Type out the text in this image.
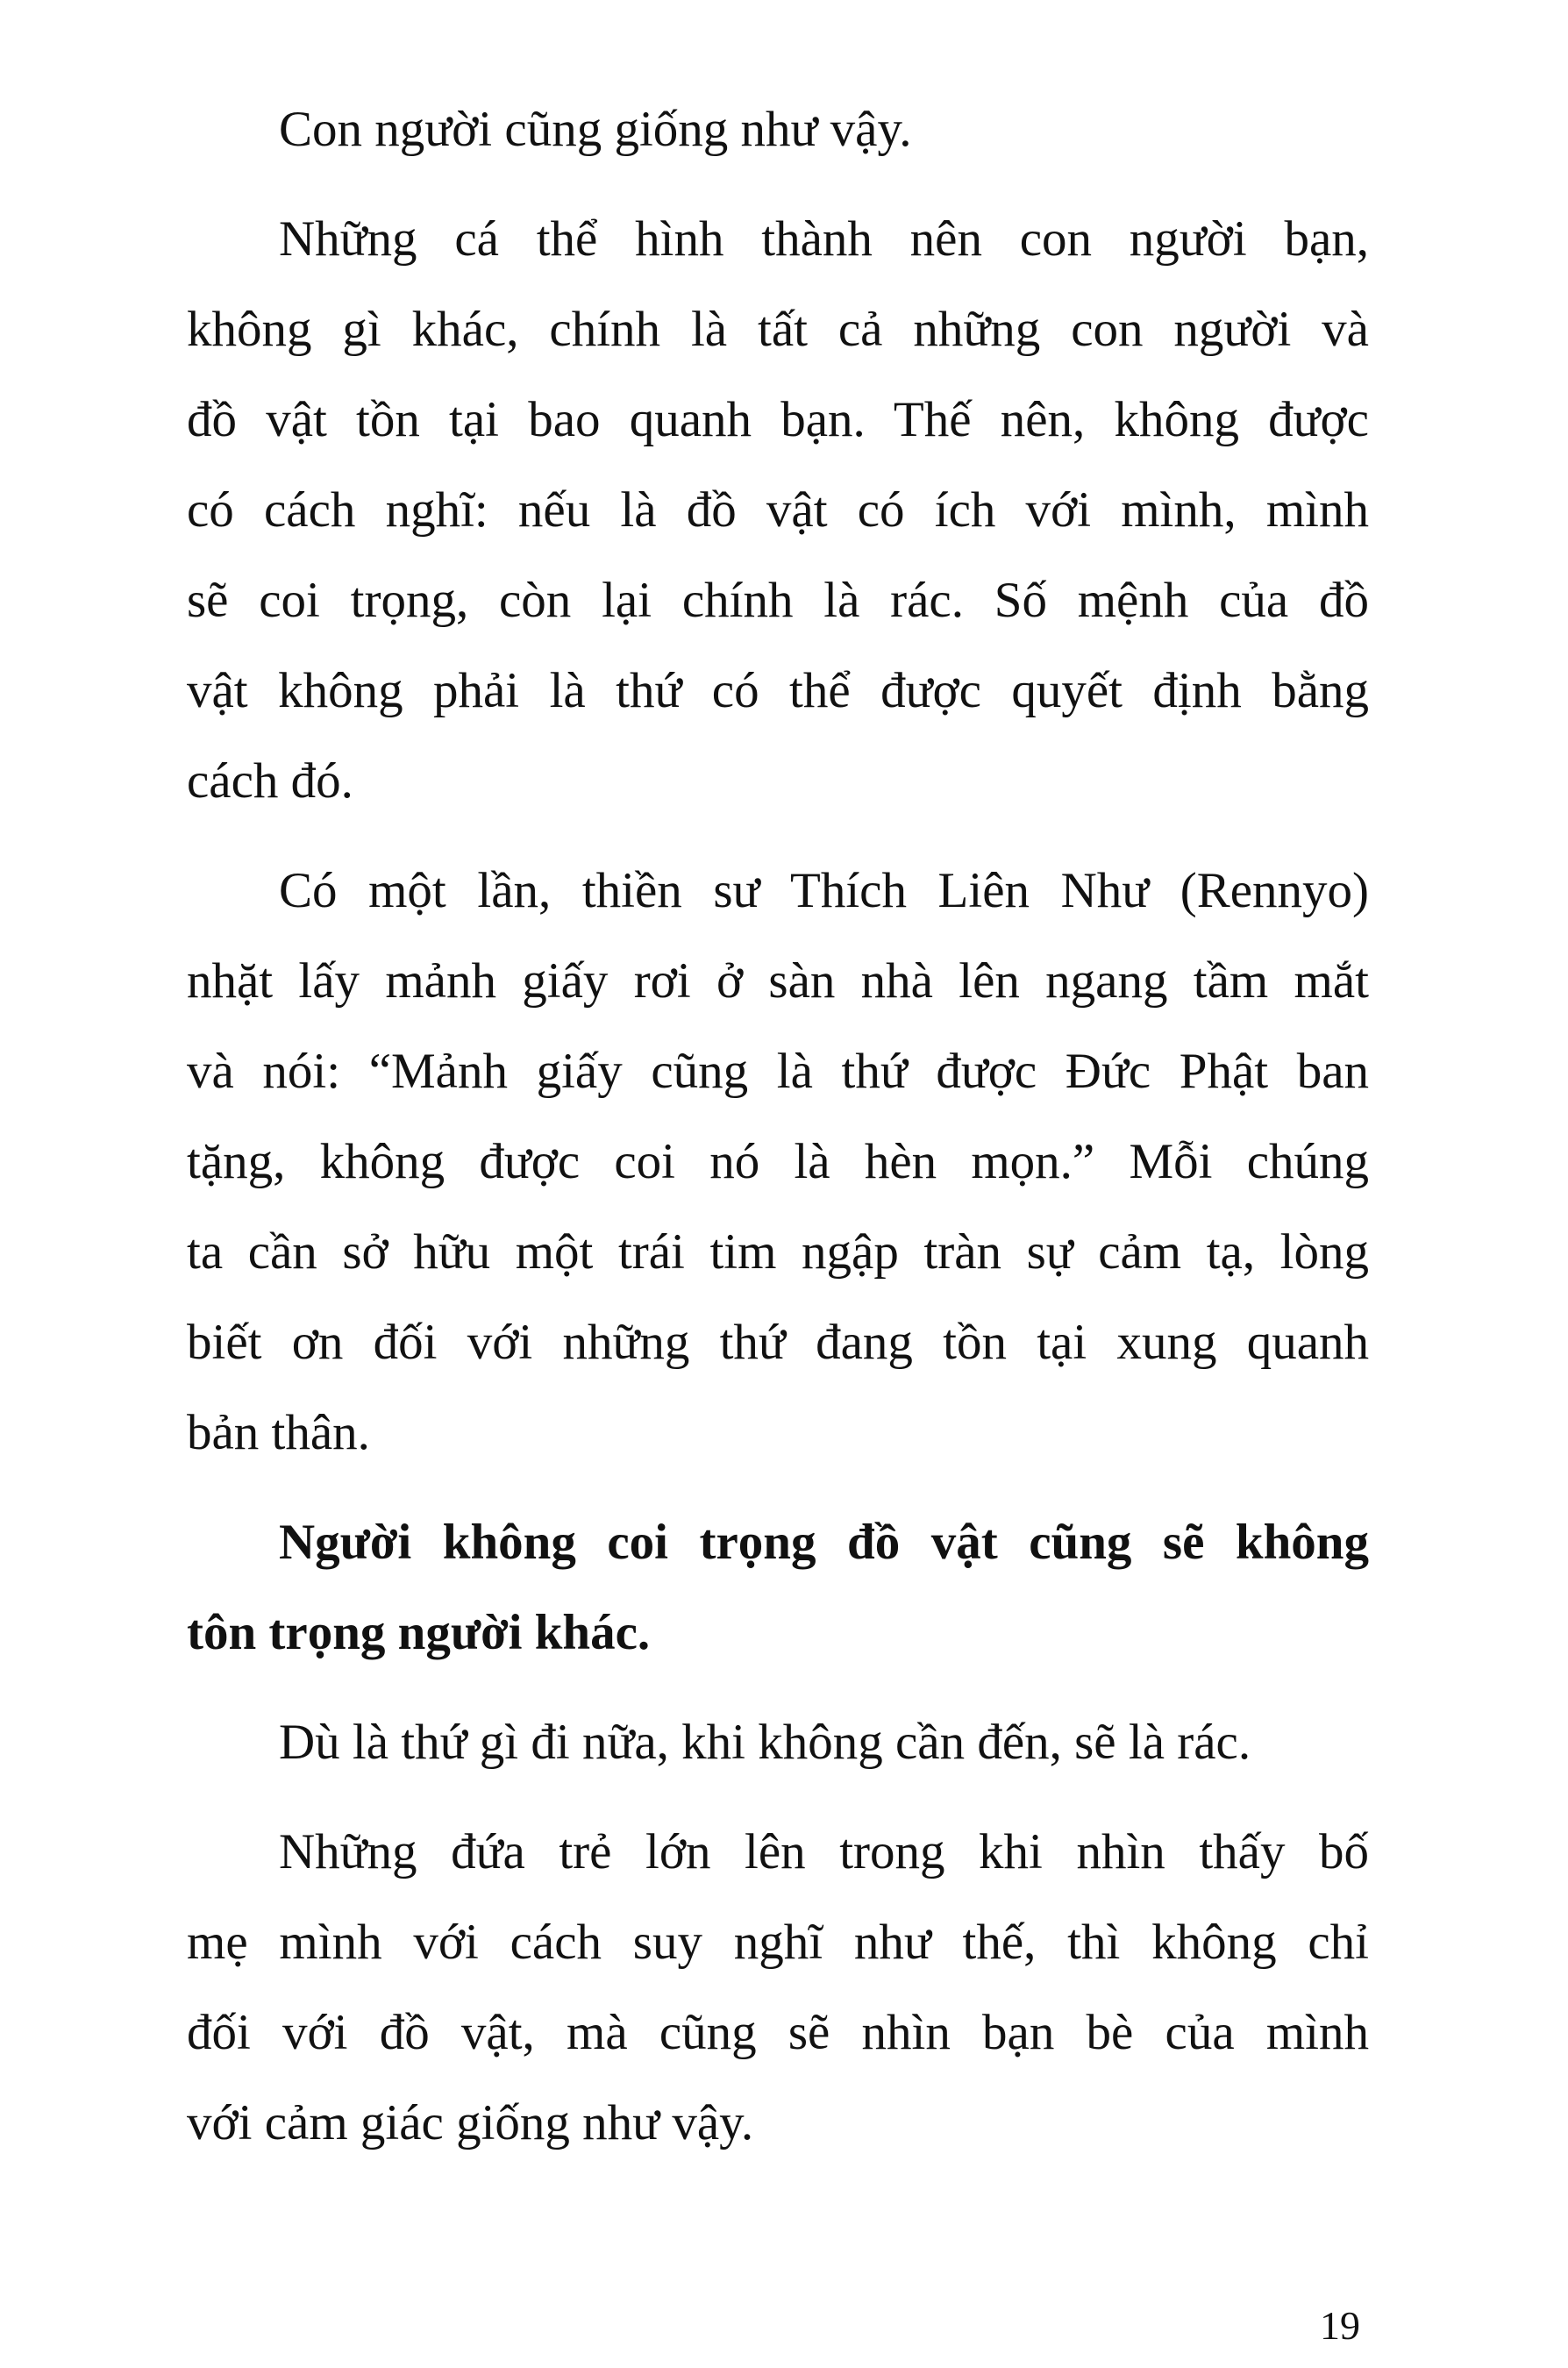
Con người cũng giống như vậy.

Những cá thể hình thành nên con người bạn,
không gì khác, chính là tất cả những con người và
đồ vật tồn tại bao quanh bạn. Thế nên, không được
có cách nghĩ: nếu là đồ vật có ích với mình, mình
sẽ coi trọng, còn lại chính là rác. Số mệnh của đồ
vật không phải là thứ có thể được quyết định bằng
cách đó.

Có một lần, thiền sư Thích Liên Như (Rennyo)
nhặt lấy mảnh giấy rơi ở sàn nhà lên ngang tầm mắt
và nói: “Mảnh giấy cũng là thứ được Đức Phật ban
tặng, không được coi nó là hèn mọn.” Mỗi chúng
ta cần sở hữu một trái tim ngập tràn sự cảm tạ, lòng
biết ơn đối với những thứ đang tồn tại xung quanh
bản thân.

Người không coi trọng đồ vật cũng sẽ không
tôn trọng người khác.

Dù là thứ gì đi nữa, khi không cần đến, sẽ là rác.

Những đứa trẻ lớn lên trong khi nhìn thấy bố
mẹ mình với cách suy nghĩ như thế, thì không chỉ
đối với đồ vật, mà cũng sẽ nhìn bạn bè của mình
với cảm giác giống như vậy.

19
